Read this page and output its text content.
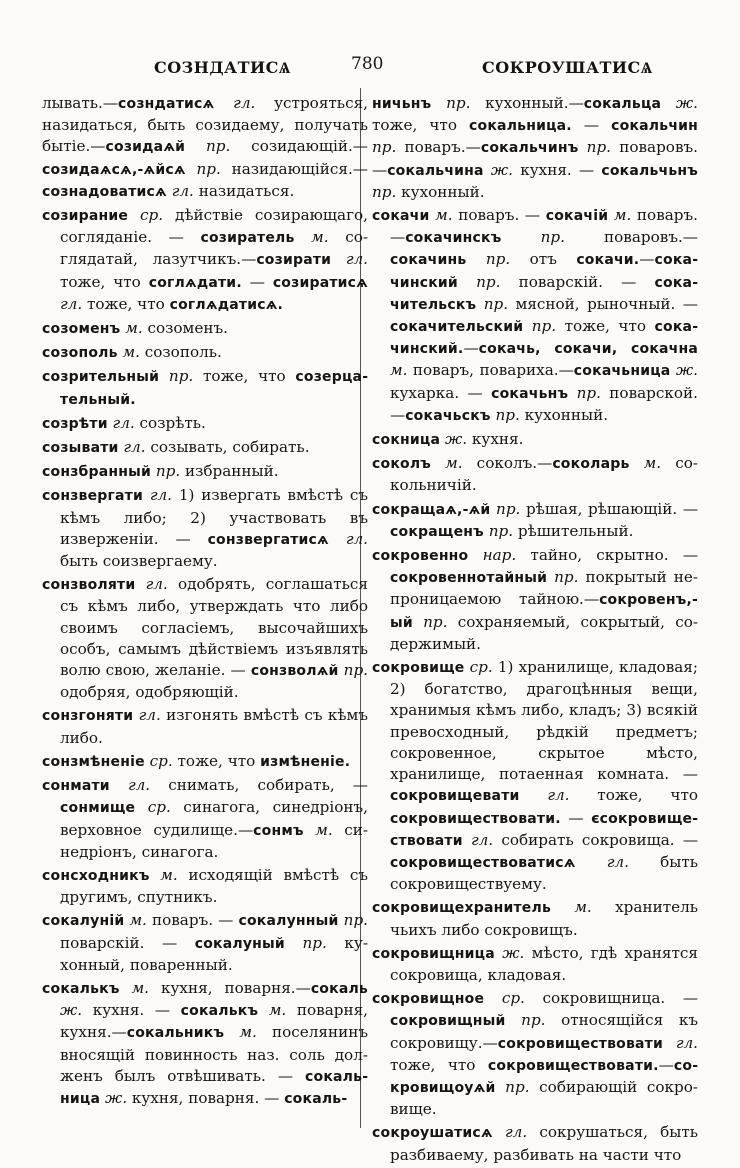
СОЗНДАТИСѦ	780	СОКРОУШАТИСѦ

лывать.—созндатисѧ гл. устрояться, назидаться, быть созидаему, получать бытіе.—созидаѧй пр. созидающій.—созидаѧсѧ,-ѧйсѧ пр. назидающійся.—сознадоватисѧ гл. назидаться.

созирание ср. дѣйствіе созирающаго, согляданіе. — созиратель м. соглядатай, лазутчикъ.—созирати гл. тоже, что соглѧдати. — созиратисѧ гл. тоже, что соглѧдатисѧ.

созоменъ м. созоменъ.

созополь м. созополь.

созрительный пр. тоже, что созерцательный.

созрѣти гл. созрѣть.

созывати гл. созывать, собирать.

сонзбранный пр. избранный.

сонзвергати гл. 1) извергать вмѣстѣ съ кѣмъ либо; 2) участвовать въ изверженіи. — сонзвергатисѧ гл. быть соизвергаему.

сонзволяти гл. одобрять, соглашаться съ кѣмъ либо, утверждать что либо своимъ согласіемъ, высочайшихъ особъ, самымъ дѣйствіемъ изъявлять волю свою, желаніе. — сонзволѧй пр. одобряя, одобряющій.

сонзгоняти гл. изгонять вмѣстѣ съ кѣмъ либо.

сонзмѣненіе ср. тоже, что измѣненіе.

сонмати гл. снимать, собирать, — сонмище ср. синагога, синедріонъ, верховное судилище.—сонмъ м. синедріонъ, синагога.

сонсходникъ м. исходящій вмѣстѣ съ другимъ, спутникъ.

сокалуній м. поваръ. — сокалунный пр. поварскій. — сокалуный пр. кухонный, поваренный.

сокалькъ м. кухня, поварня.—сокаль ж. кухня. — сокалькъ м. поварня, кухня.—сокальникъ м. поселянинъ вносящій повинность наз. соль долженъ былъ отвѣшивать. — сокальница ж. кухня, поварня. — сокаль-

ничьнъ пр. кухонный.—сокальца ж. тоже, что сокальница. — сокальчин пр. поваръ.—сокальчинъ пр. поваровъ.—сокальчина ж. кухня. — сокальчьнъ пр. кухонный.

сокачи м. поваръ. — сокачій м. поваръ.—сокачинскъ	пр. поваровъ.— сокачинь пр. отъ сокачи.—сокачинский пр. поварскій. — сокачительскъ пр. мясной, рыночный. — сокачительский пр. тоже, что сокачинский.—сокачь, сокачи, сокачна м. поваръ, повариха.—сокачьница ж. кухарка. — сокачьнъ пр. поварской.—сокачьскъ пр. кухонный.

сокница ж. кухня.

соколъ м. соколъ.—соколарь м. сокольничій.

сокращаѧ,-ѧй пр. рѣшая, рѣшающій. —сокращенъ пр. рѣшительный.

сокровенно нар. тайно, скрытно. — сокровеннотайный пр. покрытый непроницаемою тайною.—сокровенъ,-ый пр. сохраняемый, сокрытый, содержимый.

сокровище ср. 1) хранилище, кладовая; 2) богатство, драгоцѣнныя вещи, хранимыя кѣмъ либо, кладъ; 3) всякій превосходный, рѣдкій предметъ; сокровенное, скрытое мѣсто, хранилище, потаенная комната. — сокровищевати гл. тоже, что сокровиществовати. — єсокровиществовати гл. собирать сокровища. — сокровиществоватисѧ гл. быть сокровиществуему.

сокровищехранитель м. хранитель чьихъ либо сокровищъ.

сокровищница ж. мѣсто, гдѣ хранятся сокровища, кладовая.

сокровищное ср. сокровищница. — сокровищный пр. относящійся къ сокровищу.—сокровиществовати гл. тоже, что сокровиществовати.—сокровищоуѧй пр. собирающій сокровище.

сокроушатисѧ гл. сокрушаться, быть разбиваему, разбивать на части что
